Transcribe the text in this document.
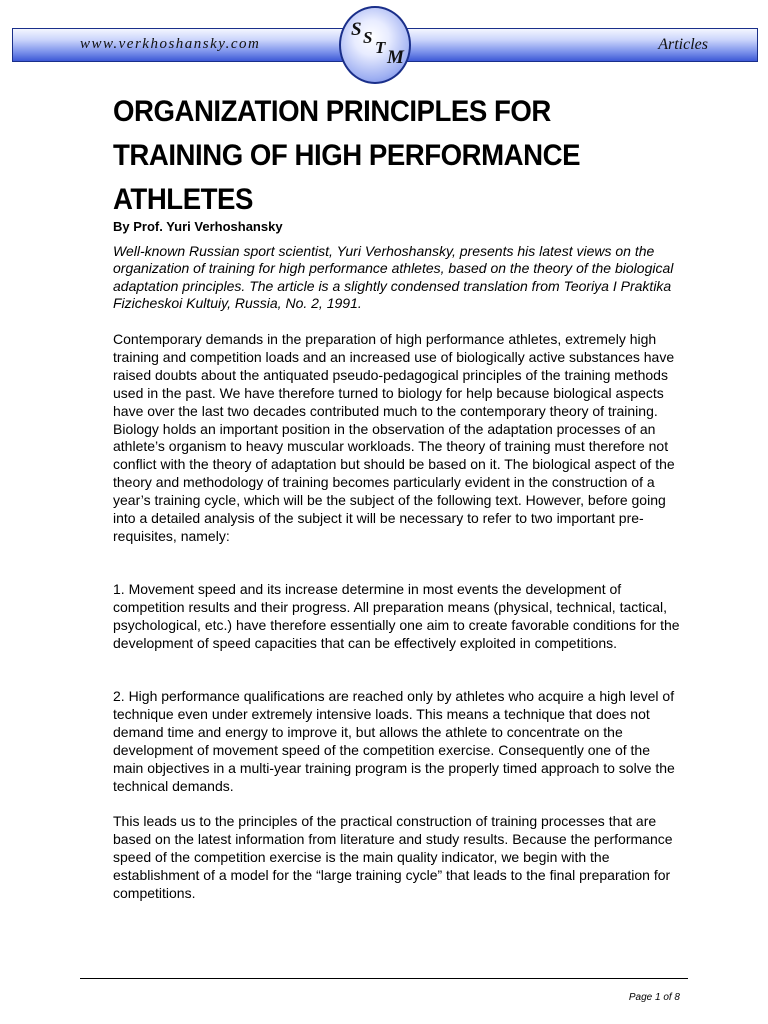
www.verkhoshansky.com	Articles
S S
T M
ORGANIZATION PRINCIPLES FOR
TRAINING OF HIGH PERFORMANCE
ATHLETES
By Prof. Yuri Verhoshansky
Well-known Russian sport scientist, Yuri Verhoshansky, presents his latest views on the organization of training for high performance athletes, based on the theory of the biological adaptation principles. The article is a slightly condensed translation from Teoriya I Praktika Fizicheskoi Kultuiy, Russia, No. 2, 1991.
Contemporary demands in the preparation of high performance athletes, extremely high training and competition loads and an increased use of biologically active substances have raised doubts about the antiquated pseudo-pedagogical principles of the training methods used in the past. We have therefore turned to biology for help because biological aspects have over the last two decades contributed much to the contemporary theory of training. Biology holds an important position in the observation of the adaptation processes of an athlete’s organism to heavy muscular workloads. The theory of training must therefore not conflict with the theory of adaptation but should be based on it. The biological aspect of the theory and methodology of training becomes particularly evident in the construction of a year’s training cycle, which will be the subject of the following text. However, before going into a detailed analysis of the subject it will be necessary to refer to two important pre-requisites, namely:
1. Movement speed and its increase determine in most events the development of competition results and their progress. All preparation means (physical, technical, tactical, psychological, etc.) have therefore essentially one aim to create favorable conditions for the development of speed capacities that can be effectively exploited in competitions.
2. High performance qualifications are reached only by athletes who acquire a high level of technique even under extremely intensive loads. This means a technique that does not demand time and energy to improve it, but allows the athlete to concentrate on the development of movement speed of the competition exercise. Consequently one of the main objectives in a multi-year training program is the properly timed approach to solve the technical demands.
This leads us to the principles of the practical construction of training processes that are based on the latest information from literature and study results. Because the performance speed of the competition exercise is the main quality indicator, we begin with the establishment of a model for the “large training cycle” that leads to the final preparation for competitions.
Page 1 of 8
